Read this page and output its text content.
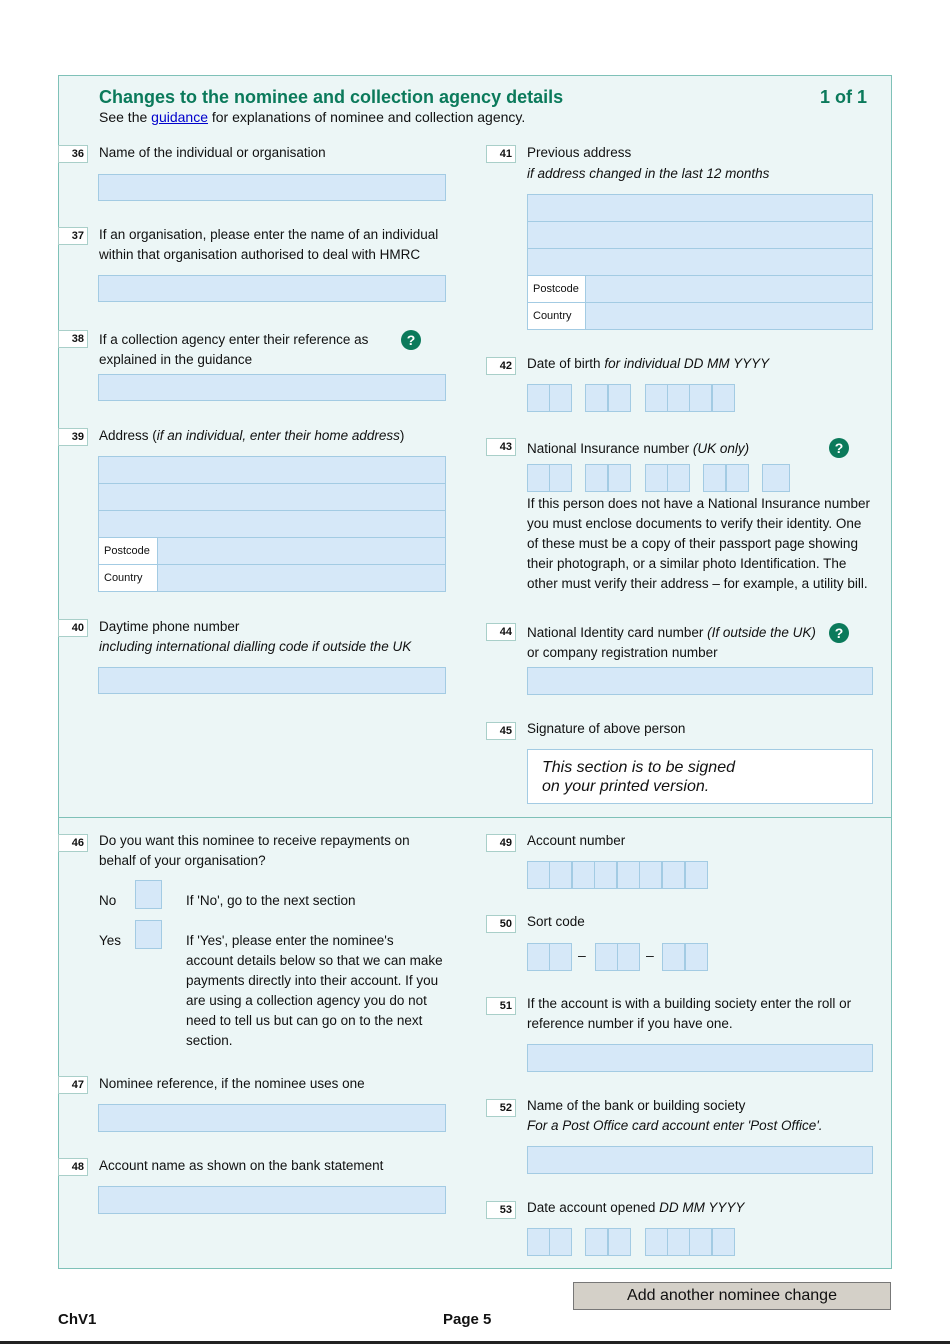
Changes to the nominee and collection agency details	1 of 1
See the guidance for explanations of nominee and collection agency.
36 Name of the individual or organisation
37 If an organisation, please enter the name of an individual
within that organisation authorised to deal with HMRC
38 If a collection agency enter their reference as
explained in the guidance
?
39 Address (if an individual, enter their home address)
Postcode
Country
40 Daytime phone number
including international dialling code if outside the UK
41 Previous address
if address changed in the last 12 months
Postcode
Country
42 Date of birth for individual DD MM YYYY
43 National Insurance number (UK only)	?
If this person does not have a National Insurance number
you must enclose documents to verify their identity. One
of these must be a copy of their passport page showing
their photograph, or a similar photo Identification. The
other must verify their address – for example, a utility bill.
44 National Identity card number (If outside the UK)	?
or company registration number
45 Signature of above person
This section is to be signed
on your printed version.
46 Do you want this nominee to receive repayments on
behalf of your organisation?
No	If 'No', go to the next section
Yes	If 'Yes', please enter the nominee's
account details below so that we can make
payments directly into their account. If you
are using a collection agency you do not
need to tell us but can go on to the next
section.
47 Nominee reference, if the nominee uses one
48 Account name as shown on the bank statement
49 Account number
50 Sort code
–	–
51 If the account is with a building society enter the roll or
reference number if you have one.
52 Name of the bank or building society
For a Post Office card account enter 'Post Office'.
53 Date account opened DD MM YYYY
Add another nominee change
ChV1	Page 5
